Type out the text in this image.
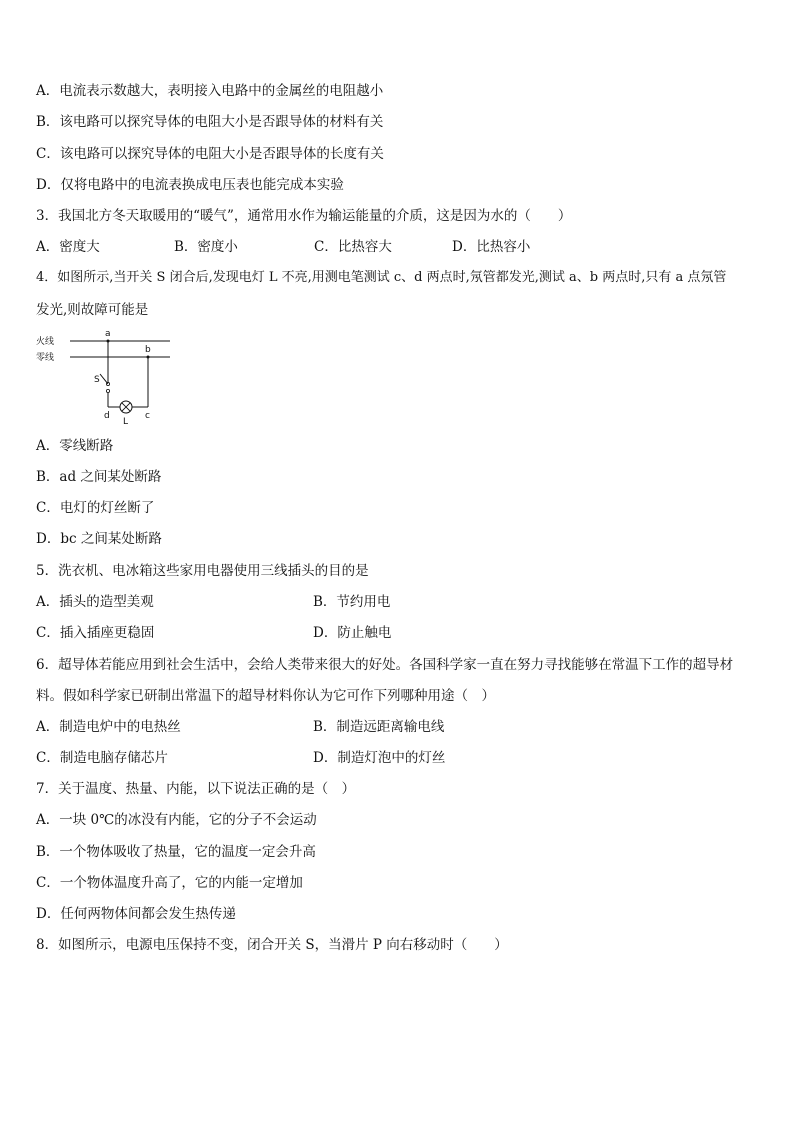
A．电流表示数越大，表明接入电路中的金属丝的电阻越小
B．该电路可以探究导体的电阻大小是否跟导体的材料有关
C．该电路可以探究导体的电阻大小是否跟导体的长度有关
D．仅将电路中的电流表换成电压表也能完成本实验
3．我国北方冬天取暖用的“暖气”，通常用水作为输运能量的介质，这是因为水的（　　）
A．密度大	B．密度小	C．比热容大	D．比热容小
4．如图所示,当开关 S 闭合后,发现电灯 L 不亮,用测电笔测试 c、d 两点时,氖管都发光,测试 a、b 两点时,只有 a 点氖管
发光,则故障可能是
火线
零线
a
S
b
d	c
L
A．零线断路
B．ad 之间某处断路
C．电灯的灯丝断了
D．bc 之间某处断路
5．洗衣机、电冰箱这些家用电器使用三线插头的目的是
A．插头的造型美观	B．节约用电
C．插入插座更稳固	D．防止触电
6．超导体若能应用到社会生活中，会给人类带来很大的好处。各国科学家一直在努力寻找能够在常温下工作的超导材
料。假如科学家已研制出常温下的超导材料你认为它可作下列哪种用途（　）
A．制造电炉中的电热丝	B．制造远距离输电线
C．制造电脑存储芯片	D．制造灯泡中的灯丝
7．关于温度、热量、内能，以下说法正确的是（　）
A．一块 0℃的冰没有内能，它的分子不会运动
B．一个物体吸收了热量，它的温度一定会升高
C．一个物体温度升高了，它的内能一定增加
D．任何两物体间都会发生热传递
8．如图所示，电源电压保持不变，闭合开关 S，当滑片 P 向右移动时（　　）
